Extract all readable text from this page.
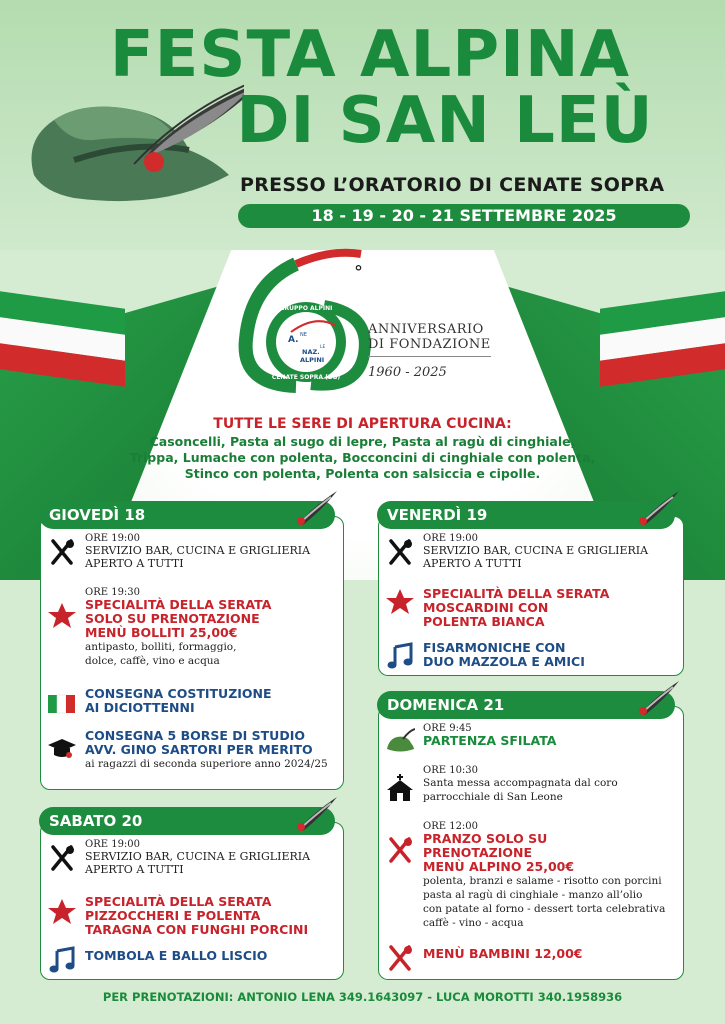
FESTA ALPINA
DI SAN LEÙ
PRESSO L’ORATORIO DI CENATE SOPRA
18 - 19 - 20 - 21 SETTEMBRE 2025
GRUPPO ALPINI
CENATE SOPRA (BG)
A. NE
NAZ.
LE
ALPINI
°
ANNIVERSARIO
DI FONDAZIONE
1960 - 2025
TUTTE LE SERE DI APERTURA CUCINA:
Casoncelli, Pasta al sugo di lepre, Pasta al ragù di cinghiale,
Trippa, Lumache con polenta, Bocconcini di cinghiale con polenta,
Stinco con polenta, Polenta con salsiccia e cipolle.
GIOVEDÌ 18
ORE 19:00
SERVIZIO BAR, CUCINA E GRIGLIERIA
APERTO A TUTTI
ORE 19:30
SPECIALITÀ DELLA SERATA
SOLO SU PRENOTAZIONE
MENÙ BOLLITI 25,00€
antipasto, bolliti, formaggio,
dolce, caffè, vino e acqua
CONSEGNA COSTITUZIONE
AI DICIOTTENNI
CONSEGNA 5 BORSE DI STUDIO
AVV. GINO SARTORI PER MERITO
ai ragazzi di seconda superiore anno 2024/25
SABATO 20
ORE 19:00
SERVIZIO BAR, CUCINA E GRIGLIERIA
APERTO A TUTTI
SPECIALITÀ DELLA SERATA
PIZZOCCHERI E POLENTA
TARAGNA CON FUNGHI PORCINI
TOMBOLA E BALLO LISCIO
VENERDÌ 19
ORE 19:00
SERVIZIO BAR, CUCINA E GRIGLIERIA
APERTO A TUTTI
SPECIALITÀ DELLA SERATA
MOSCARDINI CON
POLENTA BIANCA
FISARMONICHE CON
DUO MAZZOLA E AMICI
DOMENICA 21
ORE 9:45
PARTENZA SFILATA
ORE 10:30
Santa messa accompagnata dal coro
parrocchiale di San Leone
ORE 12:00
PRANZO SOLO SU
PRENOTAZIONE
MENÙ ALPINO 25,00€
polenta, branzi e salame - risotto con porcini
pasta al ragù di cinghiale - manzo all’olio
con patate al forno - dessert torta celebrativa
caffè - vino - acqua
MENÙ BAMBINI 12,00€
PER PRENOTAZIONI: ANTONIO LENA 349.1643097 - LUCA MOROTTI 340.1958936
